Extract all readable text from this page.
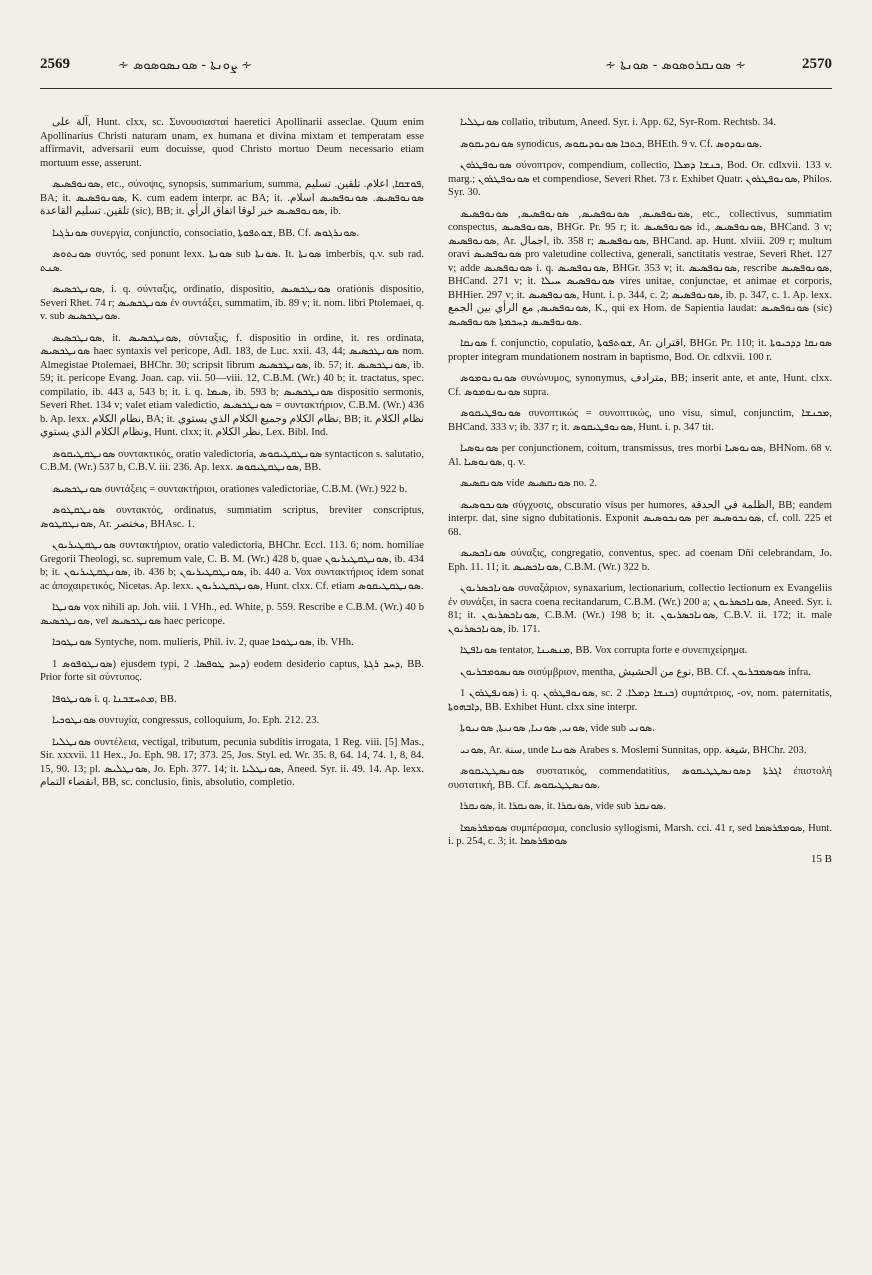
2569	∻ ܨܘܢܬܐ ‐ ܣܘܢܣܘܣܘܣ ∻	∻ ܣܘܢܩܪܘܣܘܣ ‐ ܣܘܢܬܐ ∻	2570

آلة على, Hunt. clxx, sc. Συνουσιασταί haeretici Apollinarii asseclae. Quum enim Apollinarius Christi naturam unam, ex humana et divina mixtam et temperatam esse affirmavit, adversarii eum docuisse, quod Christo mortuo Deum necessario etiam mortuum esse, asserunt.

ܣܘܢܘܦܣܝܣ, etc., σύνοψις, synopsis, summarium, summa, ܦܘܫܩܐ, اعلام. تلقين. تسليم, BA; it. ܣܘܢܘܦܣܝܣ, K. cum eadem interpr. ac BA; it. ܣܘܢܘܦܣܝܣ. ܣܘܢܘܦܣܝܣ اسلام. تلقين. تسليم القاعدة (sic), BB; it. ܣܘܢܘܦܣܝܣ خبر لوقا اتفاق الرأي, ib.

ܣܘܢܪܓܝܐ συνεργία, conjunctio, consociatio, ܫܘܬܦܘܬܐ, BB. Cf. ܣܘܢܪܓܘܣ.

ܣܘܢܬܘܣ συντός, sed ponunt lexx. ܣܘܢܬܐ sub ܣܘܢܬܐ. It. ܣܘܢܬܐ imberbis, q.v. sub rad. ܣܢܬ.

ܣܘܢܛܟܣܝܣ, i. q. σύνταξις, ordinatio, dispositio, ܣܘܢܛܟܣܝܣ orationis dispositio, Severi Rhet. 74 r; ܣܘܢܛܟܣܝܣ ἐν συντάξει, summatim, ib. 89 v; it. nom. libri Ptolemaei, q. v. sub ܣܘܢܛܟܣܝܣ.

ܣܘܢܛܟܣܝܣ, it. ܣܘܢܛܟܣܝܣ, σύνταξις, f. dispositio in ordine, it. res ordinata, ܣܘܢܛܟܣܝܣ haec syntaxis vel pericope, Adl. 183, de Luc. xxii. 43, 44; ܣܘܢܛܟܣܝܣ nom. Almegistae Ptolemaei, BHChr. 30; scripsit librum ܣܘܢܛܟܣܝܣ, ib. 57; it. ܣܘܢܛܟܣܝܣ, ib. 59; it. pericope Evang. Joan. cap. vii. 50—viii. 12, C.B.M. (Wr.) 40 b; it. tractatus, spec. compilatio, ib. 443 a, 543 b; it. i. q. ܣܝܡܐ, ib. 593 b; ܣܘܢܛܟܣܝܣ dispositio sermonis, Severi Rhet. 134 v; valet etiam valedictio, ܣܘܢܛܟܣܝܣ = συντακτήριον, C.B.M. (Wr.) 436 b. Ap. lexx. نظام الكلام, BA; it. نظام الكلام وجميع الكلام الذي يستوي, BB; it. نظام الكلام ونظام الكلام الذي يستوي, Hunt. clxx; it. نظر الكلام, Lex. Bibl. Ind.

ܣܘܢܛܩܛܝܩܘܣ συντακτικός, oratio valedictoria, ܣܘܢܛܩܛܝܩܘܣ syntacticon s. salutatio, C.B.M. (Wr.) 537 b, C.B.V. iii. 236. Ap. lexx. ܣܘܢܛܩܛܝܩܘܣ, BB.

ܣܘܢܛܟܣܝܣ συντάξεις = συντακτήριοι, orationes valedictoriae, C.B.M. (Wr.) 922 b.

ܣܘܢܛܩܛܘܣ συντακτός, ordinatus, summatim scriptus, breviter conscriptus, ܣܘܢܛܩܛܘܣ, Ar. مختصر, BHAsc. 1.

ܣܘܢܛܩܛܝܪܝܘܢ συντακτήριον, oratio valedictoria, BHChr. Eccl. 113. 6; nom. homiliae Gregorii Theologi, sc. supremum vale, C. B. M. (Wr.) 428 b, quae ܣܘܢܛܩܛܝܪܝܘܢ, ib. 434 b; it. ܣܘܢܛܩܛܝܪܝܘܢ, ib. 436 b; ܣܘܢܛܩܛܝܪܝܘܢ, ib. 440 a. Vox συντακτήριος idem sonat ac ἀποχαιρετικός, Nicetas. Ap. lexx. ܣܘܢܛܩܛܝܪܝܘܢ, Hunt. clxx. Cf. etiam ܣܘܢܛܩܛܝܩܘܣ.

ܣܘܢܛܐ vox nihili ap. Joh. viii. 1 VHh., ed. White, p. 559. Rescribe e C.B.M. (Wr.) 40 b ܣܘܢܛܟܣܝܣ, vel ܣܘܢܛܟܣܝܣ haec pericope.

ܣܘܢܛܘܟܐ Syntyche, nom. mulieris, Phil. iv. 2, quae ܣܘܢܛܘܟܐ, ib. VHh.

ܣܘܢܛܘܦܘܣ 1) ejusdem typi, ܕܚܕ ܛܘܦܣܐ. 2) eodem desiderio captus, ܕܚܕ ܪܓܬܐ, BB. Prior forte sit σύντυπος.

ܣܘܢܛܘܦܐ i. q. ܡܬܚܫܒܢܐ, BB.

ܣܘܢܛܘܟܝܐ συντυχία, congressus, colloquium, Jo. Eph. 212. 23.

ܣܘܢܛܠܝܐ συντέλεια, vectigal, tributum, pecunia subditis irrogata, 1 Reg. viii. [5] Mas., Sir. xxxvii. 11 Hex., Jo. Eph. 98. 17; 373. 25, Jos. Styl. ed. Wr. 35. 8, 64. 14, 74. 1, 8, 84. 15, 90. 13; pl. ܣܘܢܛܠܝܣ, Jo. Eph. 377. 14; it. ܣܘܢܛܠܝܐ, Aneed. Syr. ii. 49. 14. Ap. lexx. انقضاء التمام, BB, sc. conclusio, finis, absolutio, completio.

ܣܘܢܛܠܝܐ collatio, tributum, Aneed. Syr. i. App. 62, Syr-Rom. Rechtsb. 34.

ܣܘܢܘܕܝܩܘܣ synodicus, ܟܬܒܐ ܣܘܢܘܕܝܩܘܣ, BHEth. 9 v. Cf. ܣܘܢܘܕܘܣ.

ܣܘܢܘܦܛܪܘܢ σύνοπτρον, compendium, collectio, ܟܢܫܐ ܕܡܠܐ, Bod. Or. cdlxvii. 133 v. marg.; ܣܘܢܘܦܛܪܘܢ et compendiose, Severi Rhet. 73 r. Exhibet Quatr. ܣܘܢܘܦܛܪܘܢ, Philos. Syr. 30.

ܣܘܢܘܦܣܝܣ, ܣܘܢܘܦܣܝܣ, ܣܘܢܘܦܣܝܣ, ܣܘܢܘܦܣܝܣ, etc., collectivus, summatim conspectus, ܣܘܢܘܦܣܝܣ, BHGr. Pr. 95 r; it. ܣܘܢܘܦܣܝܣ id., ܣܘܢܘܦܣܝܣ, BHCand. 3 v; ܣܘܢܘܦܣܝܣ, Ar. اجمال, ib. 358 r; ܣܘܢܘܦܣܝܣ, BHCand. ap. Hunt. xlviii. 209 r; multum oravi ܣܘܢܘܦܣܝܣ pro valetudine collectiva, generali, sanctitatis vestrae, Severi Rhet. 127 v; adde ܣܘܢܘܦܣܝܣ i. q. ܣܘܢܘܦܣܝܣ, BHGr. 353 v; it. ܣܘܢܘܦܣܝܣ, rescribe ܣܘܢܘܦܣܝܣ, BHCand. 271 v; it. ܣܘܢܘܦܣܝܣ ܚܝܠܐ vires unitae, conjunctae, et animae et corporis, BHHier. 297 v; it. ܣܘܢܘܦܣܝܣ, Hunt. i. p. 344, c. 2; ܣܘܢܘܦܣܝܣ, ib. p. 347, c. 1. Ap. lexx. ܣܘܢܘܦܣܝܣ, مع الرأي بين الجمع, K., qui ex Hom. de Sapientia laudat: ܣܘܢܘܦܣܝܣ (sic) ܣܘܢܘܦܣܝܣ ܕܚܟܡܬܐ ܣܘܢܘܦܣܝܣ.

ܣܘܢܩܐ f. conjunctio, copulatio, ܫܘܬܦܘܬܐ, Ar. اقتران, BHGr. Pr. 110; it. ܣܘܢܩܐ ܕܕܟܝܘܬܐ propter integram mundationem nostram in baptismo, Bod. Or. cdlxvii. 100 r.

ܣܘܢܘܢܘܡܘܣ συνώνυμος, synonymus, مترادف, BB; inserit ante, et ante, Hunt. clxx. Cf. ܣܘܢܘܢܘܡܘܣ supra.

ܣܘܢܘܦܛܝܩܘܣ συνοπτικώς = συνοπτικώς, uno visu, simul, conjunctim, ܡܟܢܫܐ, BHCand. 333 v; ib. 337 r; it. ܣܘܢܘܦܛܝܩܘܣ, Hunt. i. p. 347 tit.

ܣܘܢܘܣܝܐ per conjunctionem, coitum, transmissus, tres morbi ܣܘܢܘܣܝܐ, BHNom. 68 v. Al. ܣܘܢܘܣܝܐ, q. v.

ܣܘܢܩܣܝܣ vide ܣܘܢܩܣܝܣ no. 2.

ܣܘܢܟܘܣܝܣ σύγχυσις, obscuratio visus per humores, الظلمة في الحدقة, BB; eandem interpr. dat, sine signo dubitationis. Exponit ܣܘܢܟܘܣܝܣ per ܣܘܢܟܘܣܝܣ, cf. coll. 225 et 68.

ܣܘܢܐܟܣܝܣ σύναξις, congregatio, conventus, spec. ad coenam Dñi celebrandam, Jo. Eph. 11. 11; it. ܣܘܢܐܟܣܝܣ, C.B.M. (Wr.) 322 b.

ܣܘܢܐܟܣܪܝܘܢ συναξάριον, synaxarium, lectionarium, collectio lectionum ex Evangeliis ἐν συνάξει, in sacra coena recitandarum, C.B.M. (Wr.) 200 a; ܣܘܢܐܟܣܪܝܘܢ, Aneed. Syr. i. 81; it. ܣܘܢܐܟܣܪܝܘܢ, C.B.M. (Wr.) 198 b; it. ܣܘܢܐܟܣܪܝܘܢ, C.B.V. ii. 172; it. male ܣܘܢܐܟܣܪܝܘܢ, ib. 171.

ܣܘܢܐܦܛܐ tentator, ܡܢܣܝܢܐ, BB. Vox corrupta forte e συνεπιχείρημα.

ܣܘܢܣܘܡܒܪܝܘܢ σισύμβριον, mentha, نوع من الحشيش, BB. Cf. ܣܘܣܡܒܪܝܘܢ infra.

ܣܘܢܦܛܪܘܢ 1) i. q. ܣܘܢܘܦܛܪܘܢ, sc. ܟܢܫܐ ܕܡܠܐ. 2) συμπάτριος, -ov, nom. paternitatis, ܕܐܒܗܘܬܐ, BB. Exhibet Hunt. clxx sine interpr.

ܣܘܢܝ, ܣܘܢܝܐ, ܣܘܢܝܬܐ, ܣܘܢܝܘܬܐ, vide sub ܣܘܢܝ.

ܣܘܢܝ, Ar. سنة, unde ܣܘܢܝܐ Arabes s. Moslemi Sunnitas, opp. شيعة, BHChr. 203.

ܣܘܢܣܛܛܝܩܘܣ συστατικός, commendatitius, ܐܓܪܬܐ ܕܣܘܢܣܛܛܝܩܘܣ ἐπιστολή συστατική, BB. Cf. ܣܘܢܣܛܛܝܩܘܣ.

ܣܘܢܩܪܐ, it. ܣܘܢܩܪܐ, it. ܣܘܢܩܪܐ, vide sub ܣܘܢܩܪ.

ܣܘܡܦܪܣܡܐ συμπέρασμα, conclusio syllogismi, Marsh. cci. 41 r, sed ܣܘܡܦܪܣܡܐ, Hunt. i. p. 254, c. 3; it. ܣܘܡܦܪܣܡܐ

15 B
